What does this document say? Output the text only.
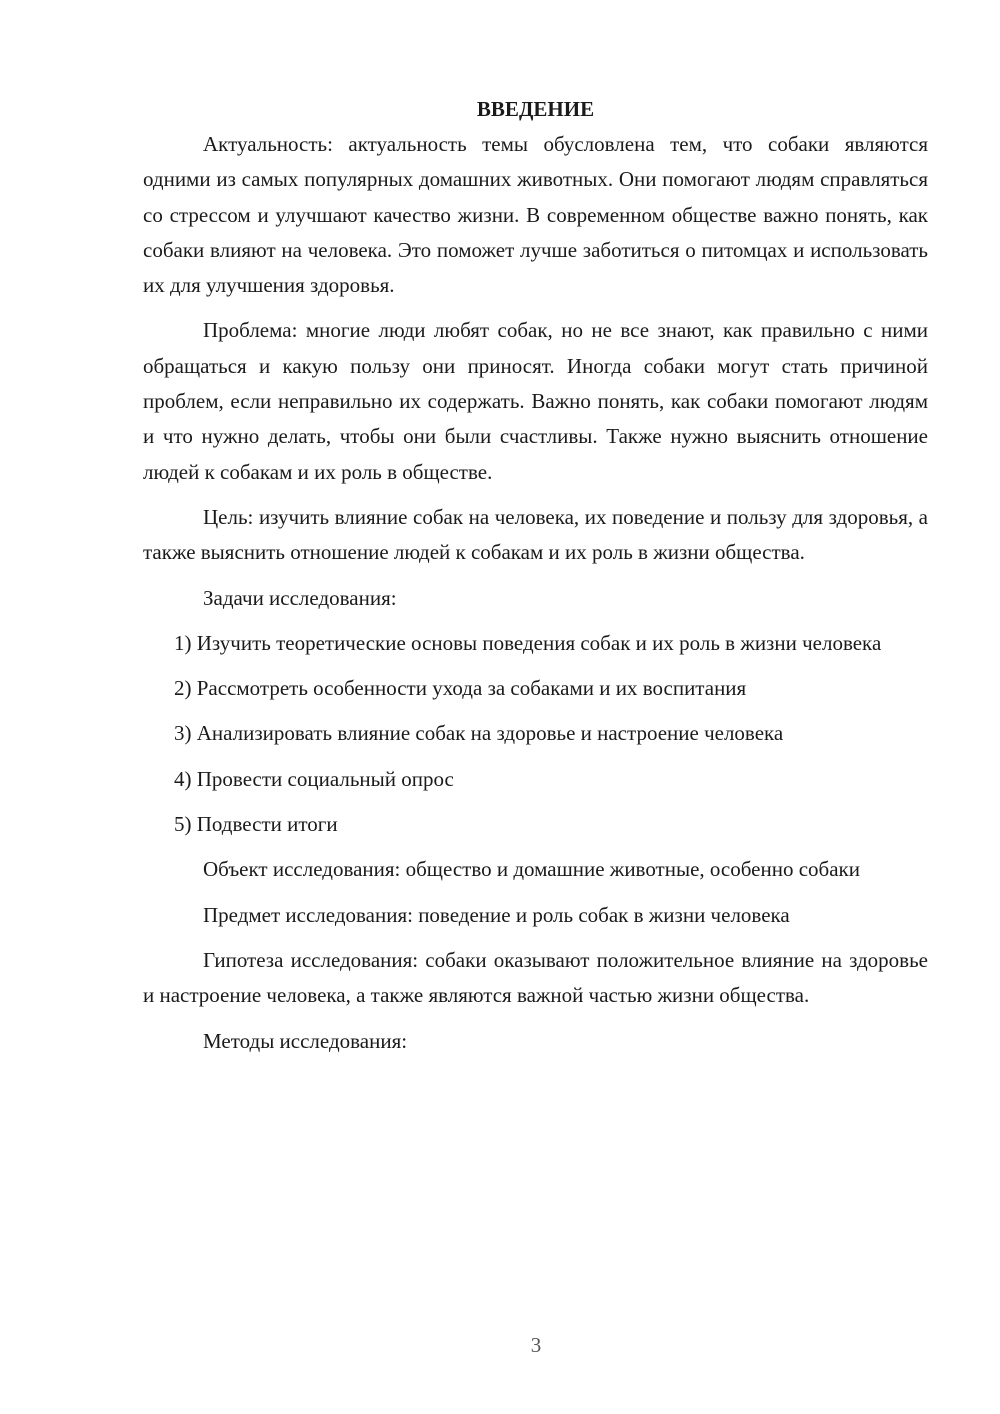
ВВЕДЕНИЕ

Актуальность: актуальность темы обусловлена тем, что собаки являются одними из самых популярных домашних животных. Они помогают людям справляться со стрессом и улучшают качество жизни. В современном обществе важно понять, как собаки влияют на человека. Это поможет лучше заботиться о питомцах и использовать их для улучшения здоровья.

Проблема: многие люди любят собак, но не все знают, как правильно с ними обращаться и какую пользу они приносят. Иногда собаки могут стать причиной проблем, если неправильно их содержать. Важно понять, как собаки помогают людям и что нужно делать, чтобы они были счастливы. Также нужно выяснить отношение людей к собакам и их роль в обществе.

Цель: изучить влияние собак на человека, их поведение и пользу для здоровья, а также выяснить отношение людей к собакам и их роль в жизни общества.

Задачи исследования:

1) Изучить теоретические основы поведения собак и их роль в жизни человека

2) Рассмотреть особенности ухода за собаками и их воспитания

3) Анализировать влияние собак на здоровье и настроение человека

4) Провести социальный опрос

5) Подвести итоги

Объект исследования: общество и домашние животные, особенно собаки

Предмет исследования: поведение и роль собак в жизни человека

Гипотеза исследования: собаки оказывают положительное влияние на здоровье и настроение человека, а также являются важной частью жизни общества.

Методы исследования:

3
